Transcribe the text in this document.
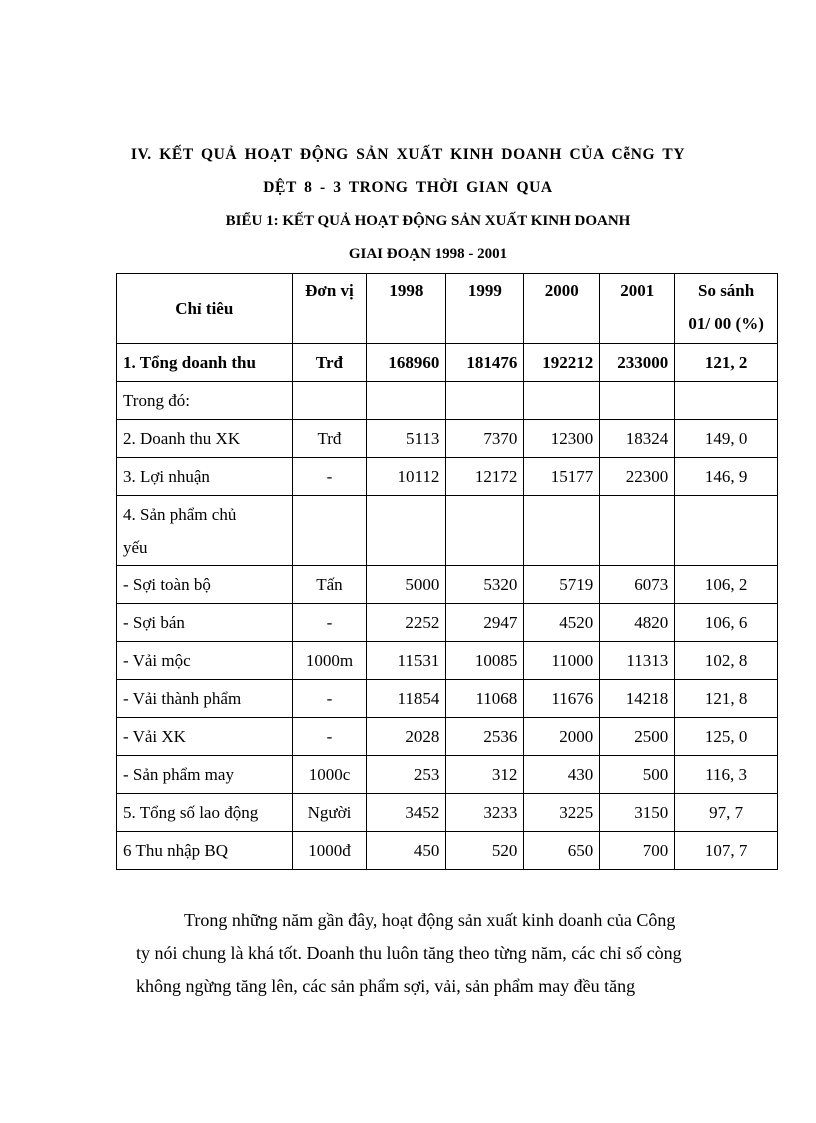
IV. KẾT QUẢ HOẠT ĐỘNG SẢN XUẤT KINH DOANH CỦA CễNG TY
DỆT 8 - 3 TRONG THỜI GIAN QUA
BIỂU 1: KẾT QUẢ HOẠT ĐỘNG SẢN XUẤT KINH DOANH
GIAI ĐOẠN 1998 - 2001
Chỉ tiêu	Đơn vị	1998	1999	2000	2001	So sánh
01/ 00 (%)
1. Tổng doanh thu	Trđ	168960	181476	192212	233000	121, 2
Trong đó:						
2. Doanh thu XK	Trđ	5113	7370	12300	18324	149, 0
3. Lợi nhuận	-	10112	12172	15177	22300	146, 9
4. Sản phẩm chủ
yếu						
- Sợi toàn bộ	Tấn	5000	5320	5719	6073	106, 2
- Sợi bán	-	2252	2947	4520	4820	106, 6
- Vải mộc	1000m	11531	10085	11000	11313	102, 8
- Vải thành phẩm	-	11854	11068	11676	14218	121, 8
- Vải XK	-	2028	2536	2000	2500	125, 0
- Sản phẩm may	1000c	253	312	430	500	116, 3
5. Tổng số lao động	Người	3452	3233	3225	3150	97, 7
6 Thu nhập BQ	1000đ	450	520	650	700	107, 7

Trong những năm gần đây, hoạt động sản xuất kinh doanh của Công

ty nói chung là khá tốt. Doanh thu luôn tăng theo từng năm, các chỉ số còng

không ngừng tăng lên, các sản phẩm sợi, vải, sản phẩm may đều tăng
